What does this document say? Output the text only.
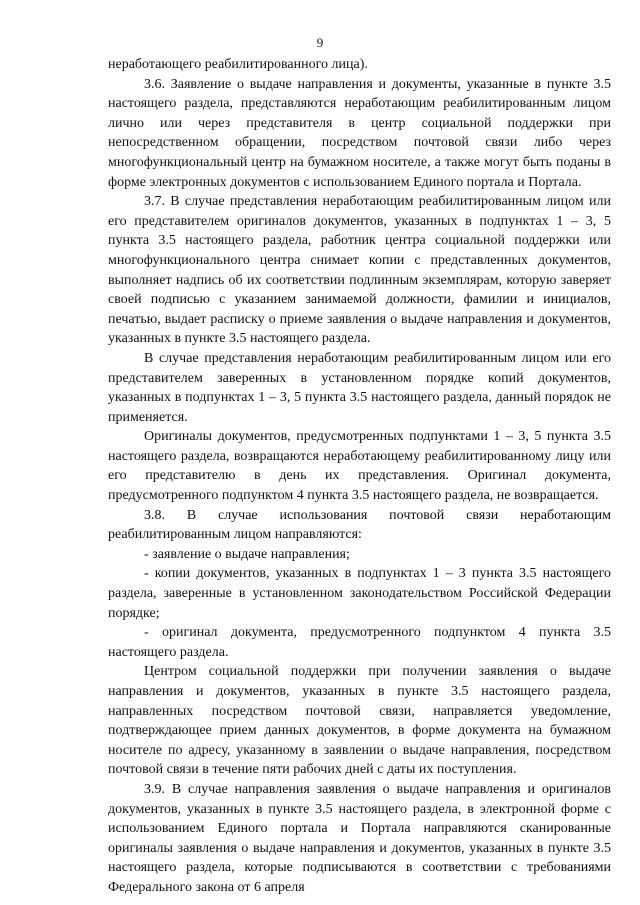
9

неработающего реабилитированного лица).

3.6. Заявление о выдаче направления и документы, указанные в пункте 3.5 настоящего раздела, представляются неработающим реабилитированным лицом лично или через представителя в центр социальной поддержки при непосредственном обращении, посредством почтовой связи либо через многофункциональный центр на бумажном носителе, а также могут быть поданы в форме электронных документов с использованием Единого портала и Портала.

3.7. В случае представления неработающим реабилитированным лицом или его представителем оригиналов документов, указанных в подпунктах 1 – 3, 5 пункта 3.5 настоящего раздела, работник центра социальной поддержки или многофункционального центра снимает копии с представленных документов, выполняет надпись об их соответствии подлинным экземплярам, которую заверяет своей подписью с указанием занимаемой должности, фамилии и инициалов, печатью, выдает расписку о приеме заявления о выдаче направления и документов, указанных в пункте 3.5 настоящего раздела.

В случае представления неработающим реабилитированным лицом или его представителем заверенных в установленном порядке копий документов, указанных в подпунктах 1 – 3, 5 пункта 3.5 настоящего раздела, данный порядок не применяется.

Оригиналы документов, предусмотренных подпунктами 1 – 3, 5 пункта 3.5 настоящего раздела, возвращаются неработающему реабилитированному лицу или его представителю в день их представления. Оригинал документа, предусмотренного подпунктом 4 пункта 3.5 настоящего раздела, не возвращается.

3.8. В случае использования почтовой связи неработающим реабилитированным лицом направляются:

- заявление о выдаче направления;

- копии документов, указанных в подпунктах 1 – 3 пункта 3.5 настоящего раздела, заверенные в установленном законодательством Российской Федерации порядке;

- оригинал документа, предусмотренного подпунктом 4 пункта 3.5 настоящего раздела.

Центром социальной поддержки при получении заявления о выдаче направления и документов, указанных в пункте 3.5 настоящего раздела, направленных посредством почтовой связи, направляется уведомление, подтверждающее прием данных документов, в форме документа на бумажном носителе по адресу, указанному в заявлении о выдаче направления, посредством почтовой связи в течение пяти рабочих дней с даты их поступления.

3.9. В случае направления заявления о выдаче направления и оригиналов документов, указанных в пункте 3.5 настоящего раздела, в электронной форме с использованием Единого портала и Портала направляются сканированные оригиналы заявления о выдаче направления и документов, указанных в пункте 3.5 настоящего раздела, которые подписываются в соответствии с требованиями Федерального закона от 6 апреля
